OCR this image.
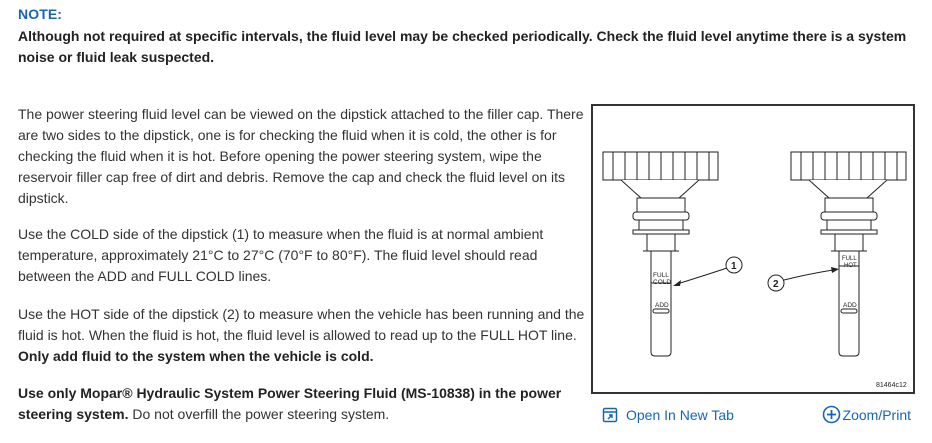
NOTE:
Although not required at specific intervals, the fluid level may be checked periodically. Check the fluid level anytime there is a system noise or fluid leak suspected.
The power steering fluid level can be viewed on the dipstick attached to the filler cap. There are two sides to the dipstick, one is for checking the fluid when it is cold, the other is for checking the fluid when it is hot. Before opening the power steering system, wipe the reservoir filler cap free of dirt and debris. Remove the cap and check the fluid level on its dipstick.
Use the COLD side of the dipstick (1) to measure when the fluid is at normal ambient temperature, approximately 21°C to 27°C (70°F to 80°F). The fluid level should read between the ADD and FULL COLD lines.
Use the HOT side of the dipstick (2) to measure when the vehicle has been running and the fluid is hot. When the fluid is hot, the fluid level is allowed to read up to the FULL HOT line. Only add fluid to the system when the vehicle is cold.
Use only Mopar® Hydraulic System Power Steering Fluid (MS-10838) in the power steering system. Do not overfill the power steering system.
FULL
COLD
ADD
FULL
HOT
ADD
1
2
81464c12
Open In New Tab	Zoom/Print
